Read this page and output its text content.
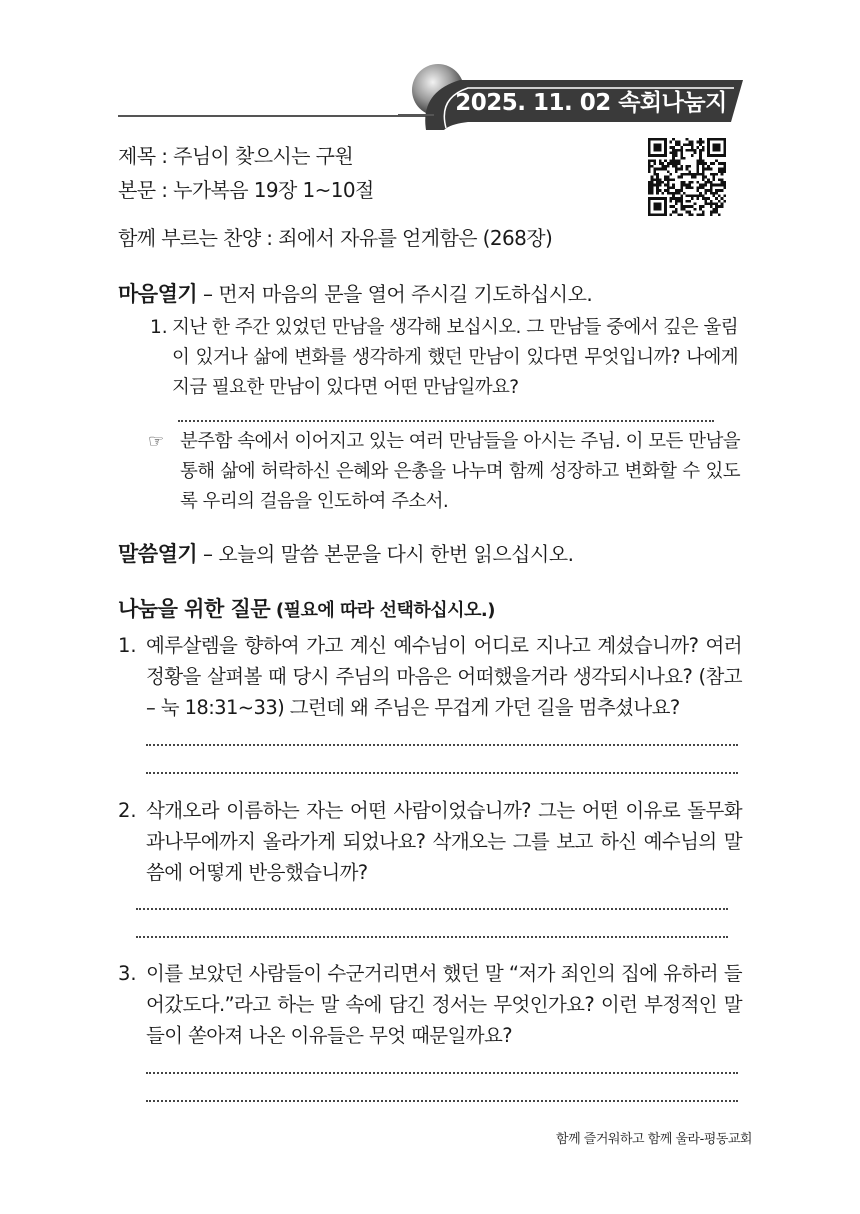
2025. 11. 02 속회나눔지
제목 : 주님이 찾으시는 구원
본문 : 누가복음 19장 1~10절
함께 부르는 찬양 : 죄에서 자유를 얻게함은 (268장)
마음열기 – 먼저 마음의 문을 열어 주시길 기도하십시오.
1. 지난 한 주간 있었던 만남을 생각해 보십시오. 그 만남들 중에서 깊은 울림이 있거나 삶에 변화를 생각하게 했던 만남이 있다면 무엇입니까? 나에게 지금 필요한 만남이 있다면 어떤 만남일까요?
☞ 분주함 속에서 이어지고 있는 여러 만남들을 아시는 주님. 이 모든 만남을 통해 삶에 허락하신 은혜와 은총을 나누며 함께 성장하고 변화할 수 있도록 우리의 걸음을 인도하여 주소서.
말씀열기 – 오늘의 말씀 본문을 다시 한번 읽으십시오.
나눔을 위한 질문 (필요에 따라 선택하십시오.)
1. 예루살렘을 향하여 가고 계신 예수님이 어디로 지나고 계셨습니까? 여러 정황을 살펴볼 때 당시 주님의 마음은 어떠했을거라 생각되시나요? (참고 – 눅 18:31~33) 그런데 왜 주님은 무겁게 가던 길을 멈추셨나요?
2. 삭개오라 이름하는 자는 어떤 사람이었습니까? 그는 어떤 이유로 돌무화과나무에까지 올라가게 되었나요? 삭개오는 그를 보고 하신 예수님의 말씀에 어떻게 반응했습니까?
3. 이를 보았던 사람들이 수군거리면서 했던 말 “저가 죄인의 집에 유하러 들어갔도다.”라고 하는 말 속에 담긴 정서는 무엇인가요? 이런 부정적인 말들이 쏟아져 나온 이유들은 무엇 때문일까요?
함께 즐거워하고 함께 울라-평동교회
